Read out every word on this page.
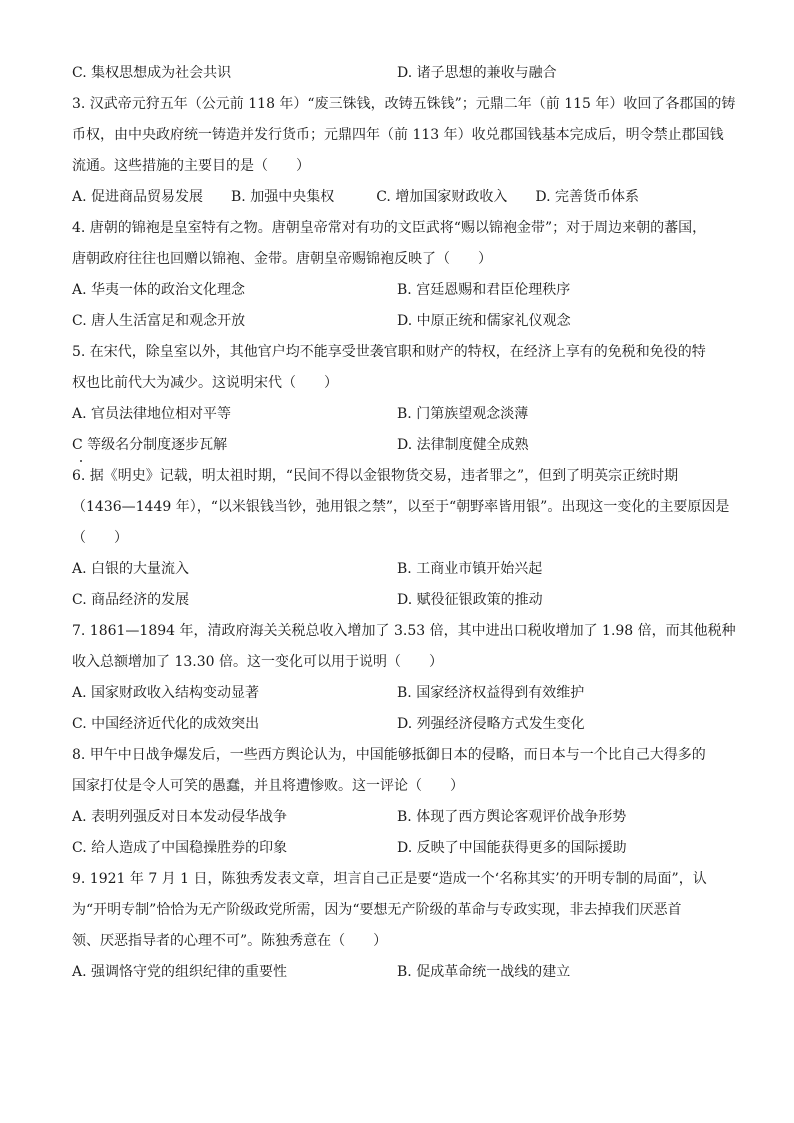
C. 集权思想成为社会共识	D. 诸子思想的兼收与融合
3. 汉武帝元狩五年（公元前 118 年）“废三铢钱，改铸五铢钱”；元鼎二年（前 115 年）收回了各郡国的铸
币权，由中央政府统一铸造并发行货币；元鼎四年（前 113 年）收兑郡国钱基本完成后，明令禁止郡国钱
流通。这些措施的主要目的是（　　）
A. 促进商品贸易发展 B. 加强中央集权	C. 增加国家财政收入 D. 完善货币体系
4. 唐朝的锦袍是皇室特有之物。唐朝皇帝常对有功的文臣武将“赐以锦袍金带”；对于周边来朝的蕃国，
唐朝政府往往也回赠以锦袍、金带。唐朝皇帝赐锦袍反映了（　　）
A. 华夷一体的政治文化理念	B. 宫廷恩赐和君臣伦理秩序
C. 唐人生活富足和观念开放	D. 中原正统和儒家礼仪观念
5. 在宋代，除皇室以外，其他官户均不能享受世袭官职和财产的特权，在经济上享有的免税和免役的特
权也比前代大为减少。这说明宋代（　　）
A. 官员法律地位相对平等	B. 门第族望观念淡薄
C 等级名分制度逐步瓦解	D. 法律制度健全成熟
6. 据《明史》记载，明太祖时期，“民间不得以金银物货交易，违者罪之”，但到了明英宗正统时期
（1436—1449 年），“以米银钱当钞，弛用银之禁”，以至于“朝野率皆用银”。出现这一变化的主要原因是
（　　）
A. 白银的大量流入	B. 工商业市镇开始兴起
C. 商品经济的发展	D. 赋役征银政策的推动
7. 1861—1894 年，清政府海关关税总收入增加了 3.53 倍，其中进出口税收增加了 1.98 倍，而其他税种
收入总额增加了 13.30 倍。这一变化可以用于说明（　　）
A. 国家财政收入结构变动显著	B. 国家经济权益得到有效维护
C. 中国经济近代化的成效突出	D. 列强经济侵略方式发生变化
8. 甲午中日战争爆发后，一些西方舆论认为，中国能够抵御日本的侵略，而日本与一个比自己大得多的
国家打仗是令人可笑的愚蠢，并且将遭惨败。这一评论（　　）
A. 表明列强反对日本发动侵华战争	B. 体现了西方舆论客观评价战争形势
C. 给人造成了中国稳操胜券的印象	D. 反映了中国能获得更多的国际援助
9. 1921 年 7 月 1 日，陈独秀发表文章，坦言自己正是要“造成一个‘名称其实’的开明专制的局面”，认
为“开明专制”恰恰为无产阶级政党所需，因为“要想无产阶级的革命与专政实现，非去掉我们厌恶首
领、厌恶指导者的心理不可”。陈独秀意在（　　）
A. 强调恪守党的组织纪律的重要性	B. 促成革命统一战线的建立
